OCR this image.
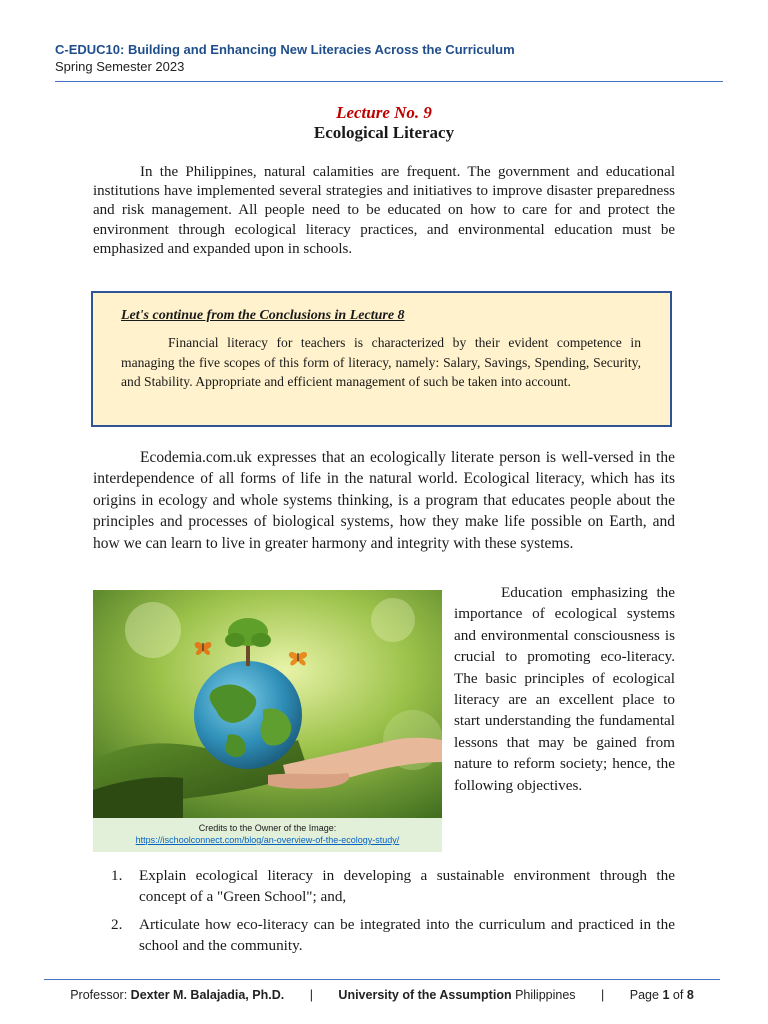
C-EDUC10: Building and Enhancing New Literacies Across the Curriculum
Spring Semester 2023
Lecture No. 9
Ecological Literacy

In the Philippines, natural calamities are frequent. The government and educational institutions have implemented several strategies and initiatives to improve disaster preparedness and risk management. All people need to be educated on how to care for and protect the environment through ecological literacy practices, and environmental education must be emphasized and expanded upon in schools.

Let's continue from the Conclusions in Lecture 8

Financial literacy for teachers is characterized by their evident competence in managing the five scopes of this form of literacy, namely: Salary, Savings, Spending, Security, and Stability. Appropriate and efficient management of such be taken into account.

Ecodemia.com.uk expresses that an ecologically literate person is well-versed in the interdependence of all forms of life in the natural world. Ecological literacy, which has its origins in ecology and whole systems thinking, is a program that educates people about the principles and processes of biological systems, how they make life possible on Earth, and how we can learn to live in greater harmony and integrity with these systems.

Credits to the Owner of the Image:
https://ischoolconnect.com/blog/an-overview-of-the-ecology-study/

Education emphasizing the importance of ecological systems and environmental consciousness is crucial to promoting eco-literacy. The basic principles of ecological literacy are an excellent place to start understanding the fundamental lessons that may be gained from nature to reform society; hence, the following objectives.

1. Explain ecological literacy in developing a sustainable environment through the concept of a "Green School"; and,
2. Articulate how eco-literacy can be integrated into the curriculum and practiced in the school and the community.
Professor: Dexter M. Balajadia, Ph.D. | University of the Assumption Philippines | Page 1 of 8
